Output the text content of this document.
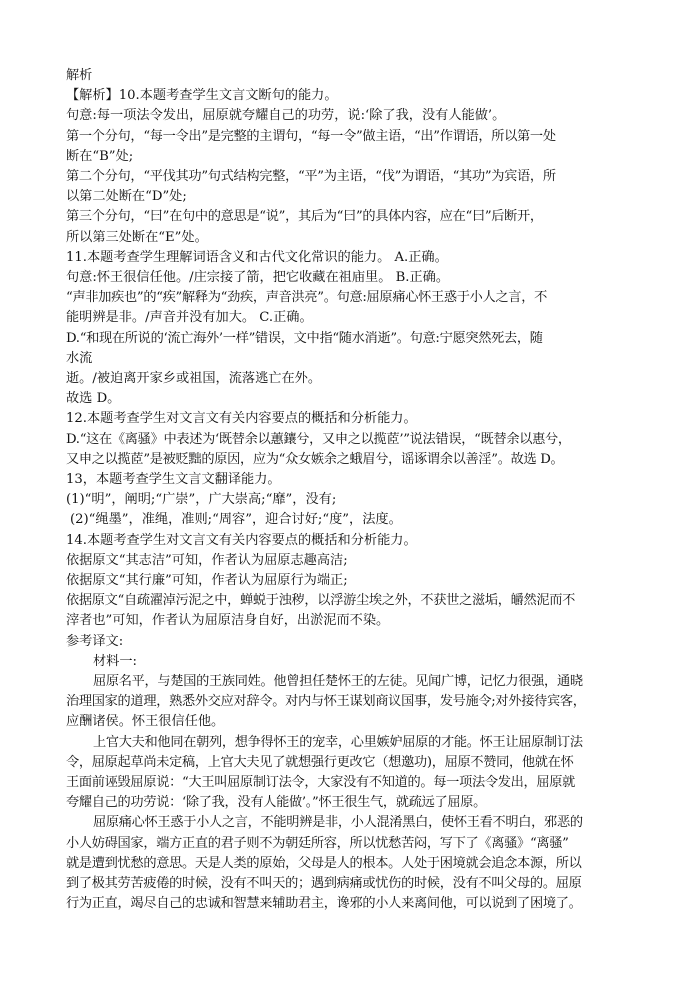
解析
【解析】10.本题考查学生文言文断句的能力。
句意:每一项法令发出，屈原就夸耀自己的功劳，说:‘除了我，没有人能做’。
第一个分句，“每一令出”是完整的主谓句，“每一令”做主语，“出”作谓语，所以第一处
断在“B”处;
第二个分句，“平伐其功”句式结构完整，“平”为主语，“伐”为谓语，“其功”为宾语，所
以第二处断在“D”处;
第三个分句，“曰”在句中的意思是“说”，其后为“曰”的具体内容，应在“曰”后断开，
所以第三处断在“E”处。
11.本题考查学生理解词语含义和古代文化常识的能力。 A.正确。
句意:怀王很信任他。/庄宗接了箭，把它收藏在祖庙里。 B.正确。
“声非加疾也”的“疾”解释为“劲疾，声音洪亮”。句意:屈原痛心怀王惑于小人之言，不
能明辨是非。/声音并没有加大。 C.正确。
D.“和现在所说的‘流亡海外’一样”错误，文中指“随水消逝”。句意:宁愿突然死去，随
水流
逝。/被迫离开家乡或祖国，流落逃亡在外。
故选 D。
12.本题考查学生对文言文有关内容要点的概括和分析能力。
D.“这在《离骚》中表述为‘既替余以蕙鑲兮，又申之以揽茝’”说法错误，“既替余以惠兮，
又申之以揽茝”是被贬黜的原因，应为“众女嫉余之蛾眉兮，谣诼谓余以善淫”。故选 D。
13，本题考查学生文言文翻译能力。
(1)“明”，阐明;“广崇”，广大崇高;“靡”，没有;
(2)“绳墨”，准绳，准则;“周容”，迎合讨好;“度”，法度。
14.本题考查学生对文言文有关内容要点的概括和分析能力。
依据原文“其志洁”可知，作者认为屈原志趣高洁;
依据原文“其行廉”可知，作者认为屈原行为端正;
依据原文“自疏濯淖污泥之中，蝉蜕于浊秽，以浮游尘埃之外，不获世之滋垢，皭然泥而不
滓者也”可知，作者认为屈原洁身自好，出淤泥而不染。
参考译文:
材料一:
屈原名平，与楚国的王族同姓。他曾担任楚怀王的左徒。见闻广博，记忆力很强，通晓
治理国家的道理，熟悉外交应对辞令。对内与怀王谋划商议国事，发号施令;对外接待宾客，
应酬诸侯。怀王很信任他。
上官大夫和他同在朝列，想争得怀王的宠幸，心里嫉妒屈原的才能。怀王让屈原制订法
令，屈原起草尚未定稿，上官大夫见了就想强行更改它（想邀功)，屈原不赞同，他就在怀
王面前诬毁屈原说：“大王叫屈原制订法令，大家没有不知道的。每一项法令发出，屈原就
夸耀自己的功劳说：‘除了我，没有人能做’。”怀王很生气，就疏远了屈原。
屈原痛心怀王惑于小人之言，不能明辨是非，小人混淆黑白，使怀王看不明白，邪恶的
小人妨碍国家，端方正直的君子则不为朝廷所容，所以忧愁苦闷，写下了《离骚》“离骚”
就是遭到忧愁的意思。天是人类的原始，父母是人的根本。人处于困境就会追念本源，所以
到了极其劳苦疲倦的时候，没有不叫天的；遇到病痛或忧伤的时候，没有不叫父母的。屈原
行为正直，竭尽自己的忠诚和智慧来辅助君主，谗邪的小人来离间他，可以说到了困境了。
